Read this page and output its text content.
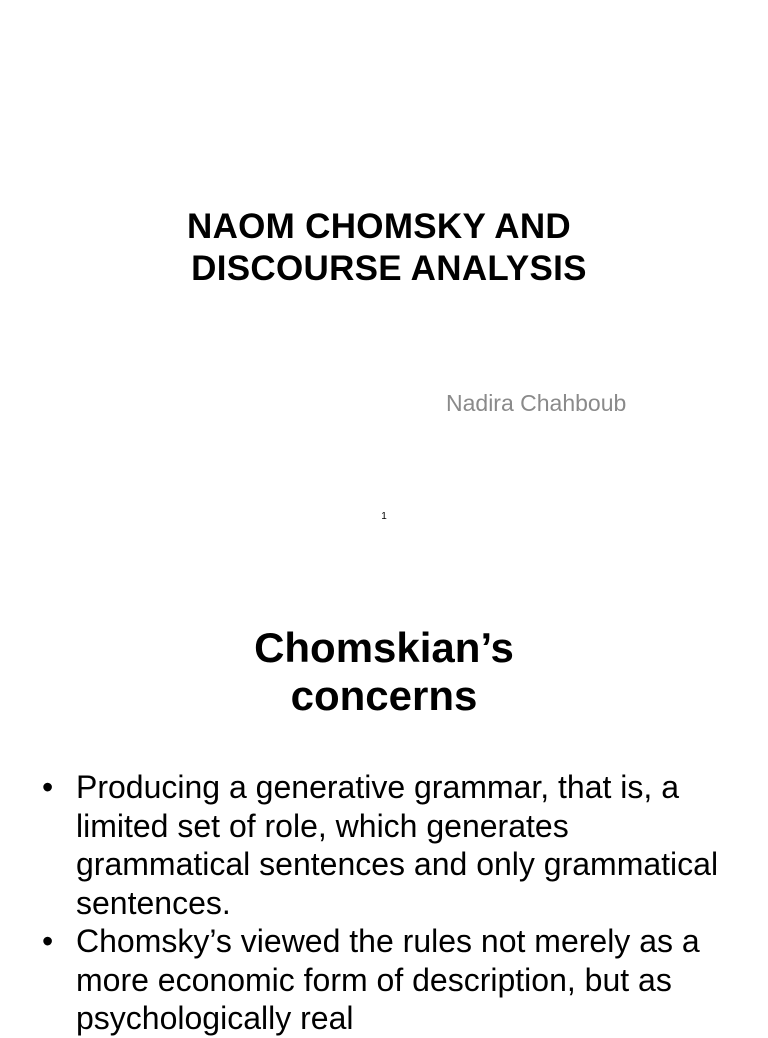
NAOM CHOMSKY AND
DISCOURSE ANALYSIS

Nadira Chahboub

1
Chomskian’s
concerns
• Producing a generative grammar, that is, a limited set of role, which generates grammatical sentences and only grammatical sentences.
• Chomsky’s viewed the rules not merely as a more economic form of description, but as psychologically real
